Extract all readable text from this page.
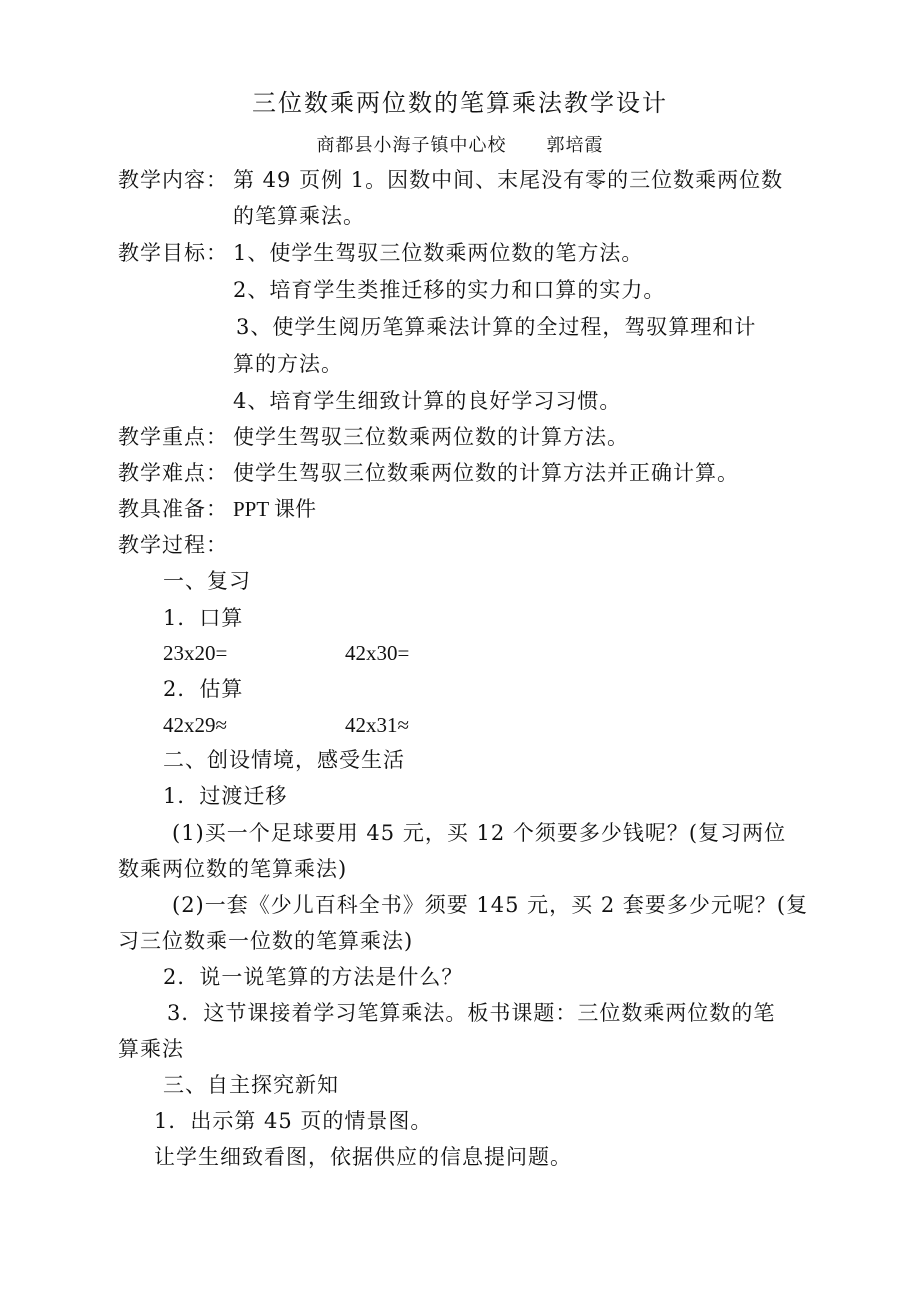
三位数乘两位数的笔算乘法教学设计
商都县小海子镇中心校 郭培霞
教学内容： 第 49 页例 1。因数中间、末尾没有零的三位数乘两位数
的笔算乘法。
教学目标： 1、使学生驾驭三位数乘两位数的笔方法。
2、培育学生类推迁移的实力和口算的实力。
3、使学生阅历笔算乘法计算的全过程，驾驭算理和计
算的方法。
4、培育学生细致计算的良好学习习惯。
教学重点： 使学生驾驭三位数乘两位数的计算方法。
教学难点： 使学生驾驭三位数乘两位数的计算方法并正确计算。
教具准备： PPT 课件
教学过程：
一、复习
1．口算
23x20=	42x30=
2．估算
42x29≈	42x31≈
二、创设情境，感受生活
1．过渡迁移
(1)买一个足球要用 45 元，买 12 个须要多少钱呢？(复习两位
数乘两位数的笔算乘法)
(2)一套《少儿百科全书》须要 145 元，买 2 套要多少元呢？(复
习三位数乘一位数的笔算乘法)
2．说一说笔算的方法是什么？
3．这节课接着学习笔算乘法。板书课题：三位数乘两位数的笔
算乘法
三、自主探究新知
1．出示第 45 页的情景图。
让学生细致看图，依据供应的信息提问题。
